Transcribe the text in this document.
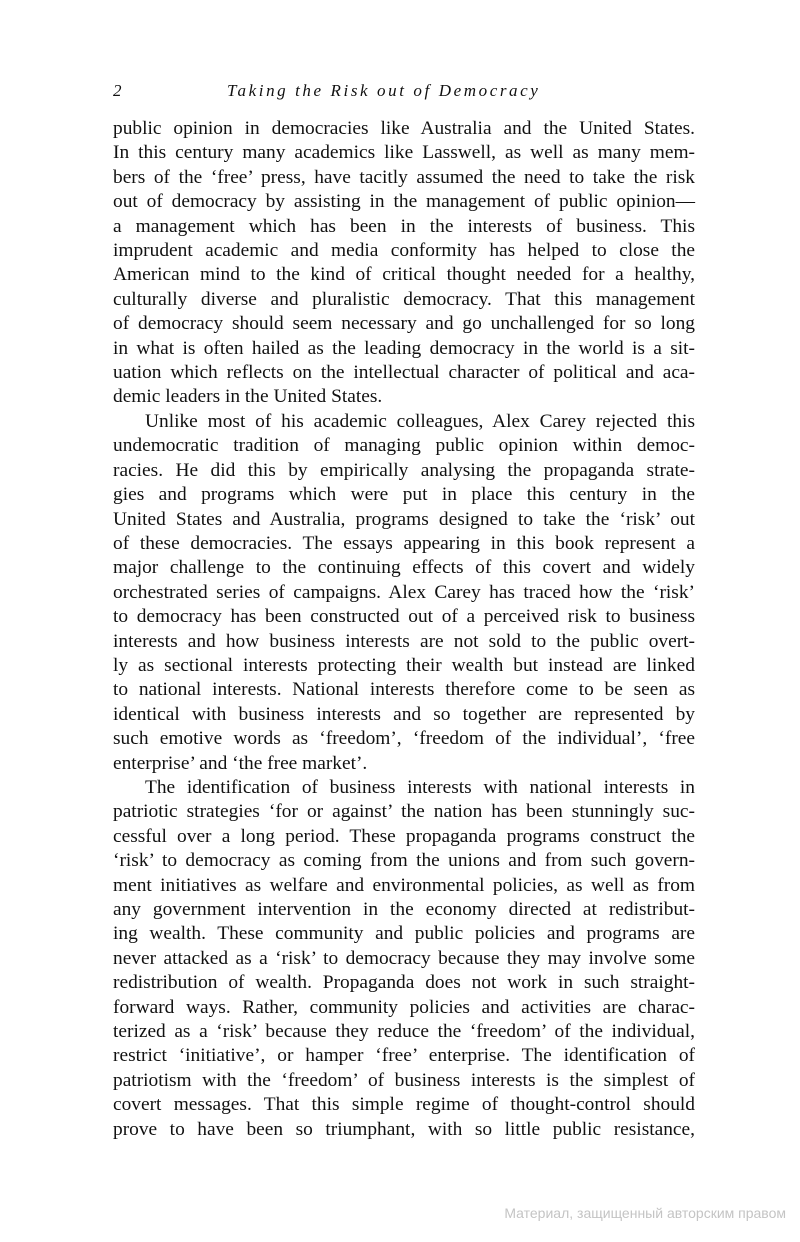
2	Taking the Risk out of Democracy

public opinion in democracies like Australia and the United States.
In this century many academics like Lasswell, as well as many mem-
bers of the ‘free’ press, have tacitly assumed the need to take the risk
out of democracy by assisting in the management of public opinion—
a management which has been in the interests of business. This
imprudent academic and media conformity has helped to close the
American mind to the kind of critical thought needed for a healthy,
culturally diverse and pluralistic democracy. That this management
of democracy should seem necessary and go unchallenged for so long
in what is often hailed as the leading democracy in the world is a sit-
uation which reflects on the intellectual character of political and aca-
demic leaders in the United States.

Unlike most of his academic colleagues, Alex Carey rejected this
undemocratic tradition of managing public opinion within democ-
racies. He did this by empirically analysing the propaganda strate-
gies and programs which were put in place this century in the
United States and Australia, programs designed to take the ‘risk’ out
of these democracies. The essays appearing in this book represent a
major challenge to the continuing effects of this covert and widely
orchestrated series of campaigns. Alex Carey has traced how the ‘risk’
to democracy has been constructed out of a perceived risk to business
interests and how business interests are not sold to the public overt-
ly as sectional interests protecting their wealth but instead are linked
to national interests. National interests therefore come to be seen as
identical with business interests and so together are represented by
such emotive words as ‘freedom’, ‘freedom of the individual’, ‘free
enterprise’ and ‘the free market’.

The identification of business interests with national interests in
patriotic strategies ‘for or against’ the nation has been stunningly suc-
cessful over a long period. These propaganda programs construct the
‘risk’ to democracy as coming from the unions and from such govern-
ment initiatives as welfare and environmental policies, as well as from
any government intervention in the economy directed at redistribut-
ing wealth. These community and public policies and programs are
never attacked as a ‘risk’ to democracy because they may involve some
redistribution of wealth. Propaganda does not work in such straight-
forward ways. Rather, community policies and activities are charac-
terized as a ‘risk’ because they reduce the ‘freedom’ of the individual,
restrict ‘initiative’, or hamper ‘free’ enterprise. The identification of
patriotism with the ‘freedom’ of business interests is the simplest of
covert messages. That this simple regime of thought-control should
prove to have been so triumphant, with so little public resistance,

Материал, защищенный авторским правом
